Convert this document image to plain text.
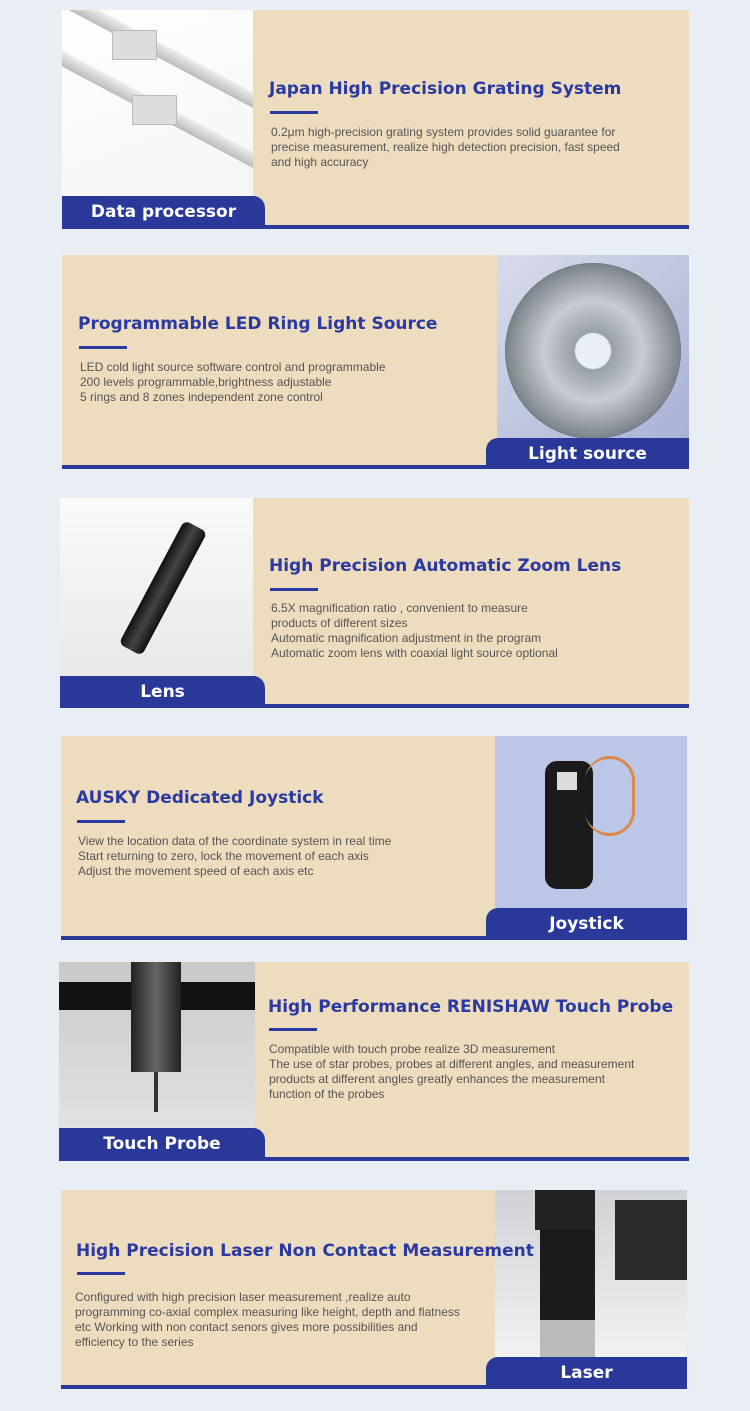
Data processor
Japan High Precision Grating System
0.2μm high-precision grating system provides solid guarantee for
precise measurement, realize high detection precision, fast speed
and high accuracy
Light source
Programmable LED Ring Light Source
LED cold light source software control and programmable
200 levels programmable,brightness adjustable
5 rings and 8 zones independent zone control
Lens
High Precision Automatic Zoom Lens
6.5X magnification ratio , convenient to measure
products of different sizes
Automatic magnification adjustment in the program
Automatic zoom lens with coaxial light source optional
Joystick
AUSKY Dedicated Joystick
View the location data of the coordinate system in real time
Start returning to zero, lock the movement of each axis
Adjust the movement speed of each axis etc
Touch Probe
High Performance RENISHAW Touch Probe
Compatible with touch probe realize 3D measurement
The use of star probes, probes at different angles, and measurement
products at different angles greatly enhances the measurement
function of the probes
Laser
High Precision Laser Non Contact Measurement
Configured with high precision laser measurement ,realize auto
programming co-axial complex measuring like height, depth and flatness
etc Working with non contact senors gives more possibilities and
efficiency to the series
